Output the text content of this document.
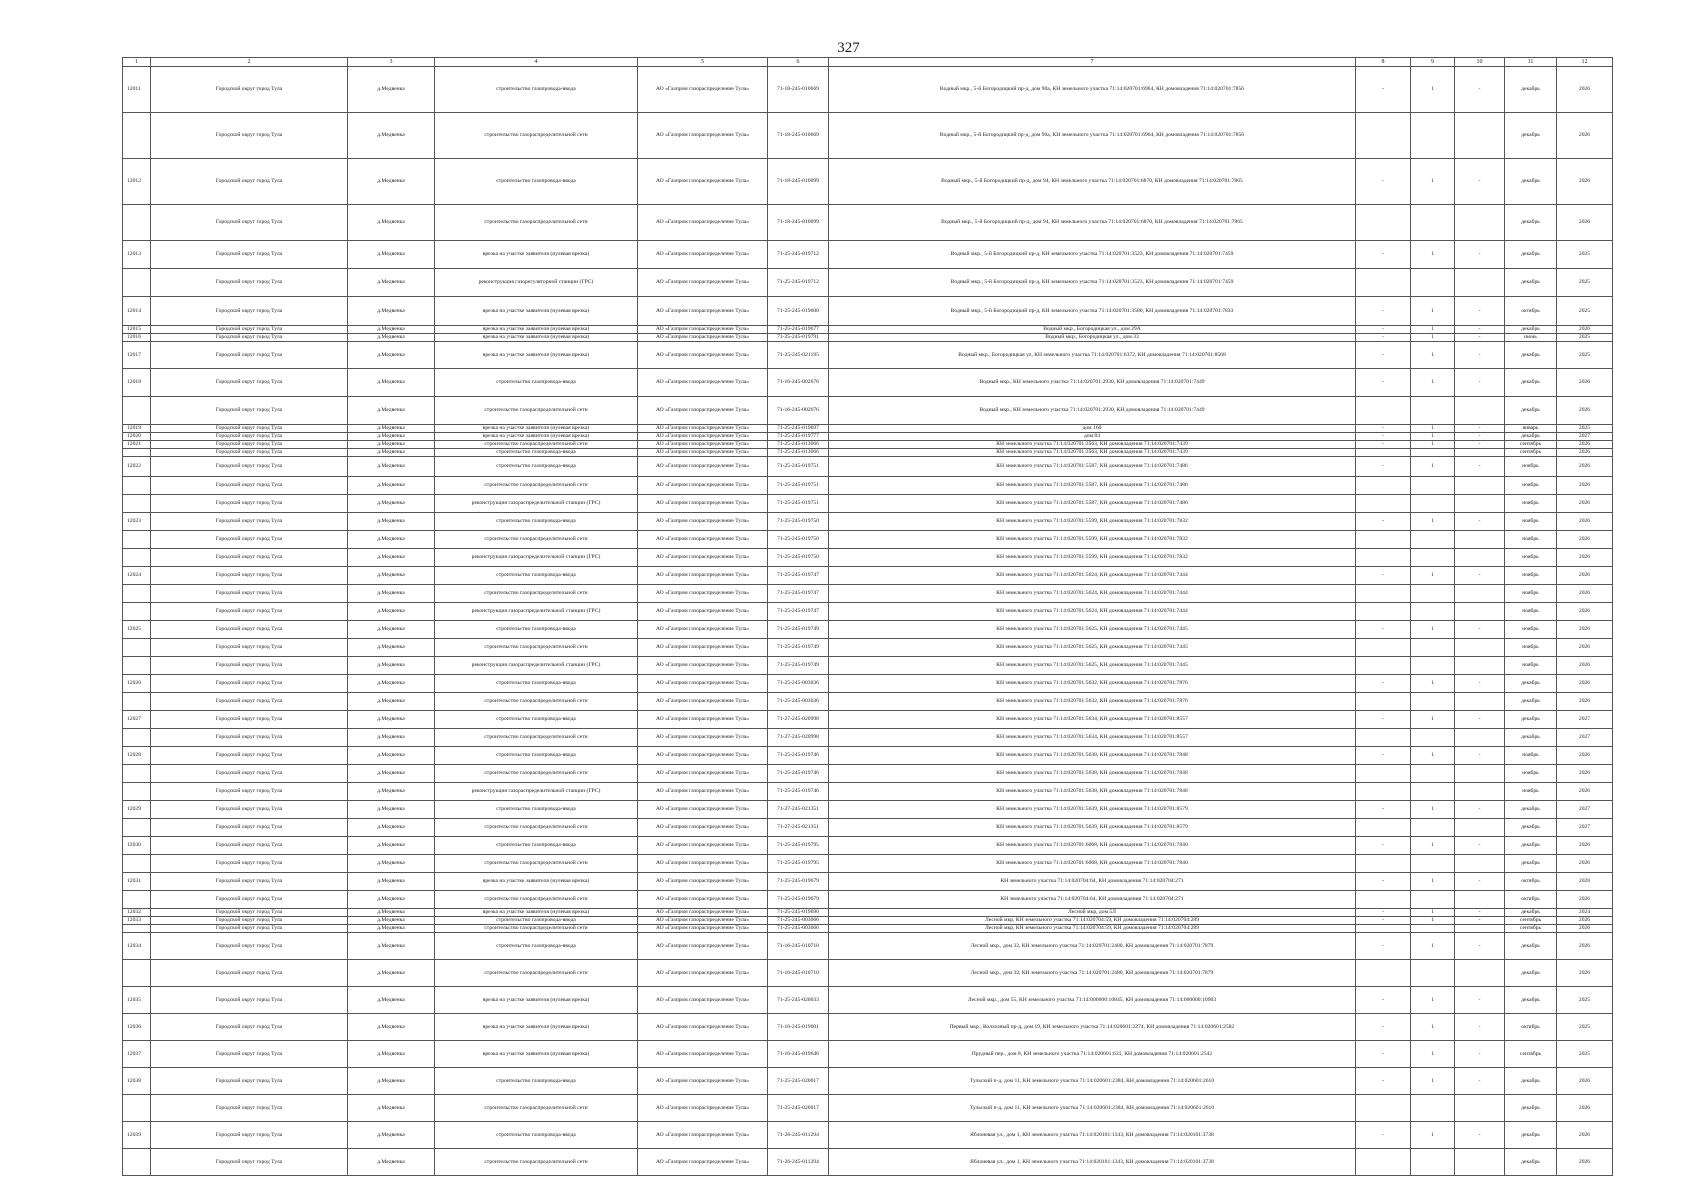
327
1	2	3	4	5	6	7	8	9	10	11	12
12011	Городской округ город Тула	д.Медвенка	строительство газопровода-ввода	АО «Газпром газораспределение Тула»	71-18-245-010669	Водный мкр., 5-й Богородицкий пр-д, дом 90а, КН земельного участка 71:14:020701:6964, КН домовладения 71:14:020701:7856	-	1	-	декабрь	2026
	Городской округ город Тула	д.Медвенка	строительство газораспределительной сети	АО «Газпром газораспределение Тула»	71-18-245-010669	Водный мкр., 5-й Богородицкий пр-д, дом 90а, КН земельного участка 71:14:020701:6964, КН домовладения 71:14:020701:7856				декабрь	2026
12012	Городской округ город Тула	д.Медвенка	строительство газопровода-ввода	АО «Газпром газораспределение Тула»	71-18-245-010099	Водный мкр., 5-й Богородицкий пр-д, дом 94, КН земельного участка 71:14:020701:6870, КН домовладения 71:14:020701:7865	-	1	-	декабрь	2026
	Городской округ город Тула	д.Медвенка	строительство газораспределительной сети	АО «Газпром газораспределение Тула»	71-18-245-010099	Водный мкр., 5-й Богородицкий пр-д, дом 94, КН земельного участка 71:14:020701:6870, КН домовладения 71:14:020701:7865				декабрь	2026
12013	Городской округ город Тула	д.Медвенка	врезка на участке заявителя (нулевая врезка)	АО «Газпром газораспределение Тула»	71-25-245-019712	Водный мкр., 5-й Богородицкий пр-д, КН земельного участка 71:14:020701:3523, КН домовладения 71:14:020701:7459	-	1	-	декабрь	2025
	Городской округ город Тула	д.Медвенка	реконструкция газорегуляторной станции (ГРС)	АО «Газпром газораспределение Тула»	71-25-245-019712	Водный мкр., 5-й Богородицкий пр-д, КН земельного участка 71:14:020701:3523, КН домовладения 71:14:020701:7459				декабрь	2025
12014	Городской округ город Тула	д.Медвенка	врезка на участке заявителя (нулевая врезка)	АО «Газпром газораспределение Тула»	71-25-245-019600	Водный мкр., 5-й Богородицкий пр-д, КН земельного участка 71:14:020701:3580, КН домовладения 71:14:020701:7833	-	1	-	октябрь	2025
12015	Городской округ город Тула	д.Медвенка	врезка на участке заявителя (нулевая врезка)	АО «Газпром газораспределение Тула»	71-25-245-019677	Водный мкр., Богородицкая ул., дом 29А	-	1	-	декабрь	2026
12016	Городской округ город Тула	д.Медвенка	врезка на участке заявителя (нулевая врезка)	АО «Газпром газораспределение Тула»	71-25-245-019791	Водный мкр., Богородицкая ул., дом 33	-	1	-	июнь	2025
12017	Городской округ город Тула	д.Медвенка	врезка на участке заявителя (нулевая врезка)	АО «Газпром газораспределение Тула»	71-25-245-021195	Водный мкр., Богородицкая ул, КН земельного участка 71:14:020701:6372, КН домовладения 71:14:020701:8568	-	1	-	декабрь	2025
12018	Городской округ город Тула	д.Медвенка	строительство газопровода-ввода	АО «Газпром газораспределение Тула»	71-16-245-002676	Водный мкр., КН земельного участка 71:14:020701:2930, КН домовладения 71:14:020701:7449	-	1	-	декабрь	2026
	Городской округ город Тула	д.Медвенка	строительство газораспределительной сети	АО «Газпром газораспределение Тула»	71-16-245-002676	Водный мкр., КН земельного участка 71:14:020701:2930, КН домовладения 71:14:020701:7449				декабрь	2026
12019	Городской округ город Тула	д.Медвенка	врезка на участке заявителя (нулевая врезка)	АО «Газпром газораспределение Тула»	71-25-245-019697	дом 160	-	1	-	январь	2025
12020	Городской округ город Тула	д.Медвенка	врезка на участке заявителя (нулевая врезка)	АО «Газпром газораспределение Тула»	71-25-245-019777	дом 84	-	1	-	декабрь	2027
12021	Городской округ город Тула	д.Медвенка	строительство газораспределительной сети	АО «Газпром газораспределение Тула»	71-25-245-013066	КН земельного участка 71:14:020701:3563, КН домовладения 71:14:020701:7439	-	1	-	сентябрь	2026
	Городской округ город Тула	д.Медвенка	строительство газопровода-ввода	АО «Газпром газораспределение Тула»	71-25-245-013066	КН земельного участка 71:14:020701:3563, КН домовладения 71:14:020701:7439				сентябрь	2026
12022	Городской округ город Тула	д.Медвенка	строительство газопровода-ввода	АО «Газпром газораспределение Тула»	71-25-245-019751	КН земельного участка 71:14:020701:5587, КН домовладения 71:14:020701:7486	-	1	-	ноябрь	2026
	Городской округ город Тула	д.Медвенка	строительство газораспределительной сети	АО «Газпром газораспределение Тула»	71-25-245-019751	КН земельного участка 71:14:020701:5587, КН домовладения 71:14:020701:7486				ноябрь	2026
	Городской округ город Тула	д.Медвенка	реконструкция газораспределительной станции (ГРС)	АО «Газпром газораспределение Тула»	71-25-245-019751	КН земельного участка 71:14:020701:5587, КН домовладения 71:14:020701:7486				ноябрь	2026
12023	Городской округ город Тула	д.Медвенка	строительство газопровода-ввода	АО «Газпром газораспределение Тула»	71-25-245-019750	КН земельного участка 71:14:020701:5599, КН домовладения 71:14:020701:7832	-	1	-	ноябрь	2026
	Городской округ город Тула	д.Медвенка	строительство газораспределительной сети	АО «Газпром газораспределение Тула»	71-25-245-019750	КН земельного участка 71:14:020701:5599, КН домовладения 71:14:020701:7832				ноябрь	2026
	Городской округ город Тула	д.Медвенка	реконструкция газораспределительной станции (ГРС)	АО «Газпром газораспределение Тула»	71-25-245-019750	КН земельного участка 71:14:020701:5599, КН домовладения 71:14:020701:7832				ноябрь	2026
12024	Городской округ город Тула	д.Медвенка	строительство газопровода-ввода	АО «Газпром газораспределение Тула»	71-25-245-019747	КН земельного участка 71:14:020701:5624, КН домовладения 71:14:020701:7444	-	1	-	ноябрь	2026
	Городской округ город Тула	д.Медвенка	строительство газораспределительной сети	АО «Газпром газораспределение Тула»	71-25-245-019747	КН земельного участка 71:14:020701:5624, КН домовладения 71:14:020701:7444				ноябрь	2026
	Городской округ город Тула	д.Медвенка	реконструкция газораспределительной станции (ГРС)	АО «Газпром газораспределение Тула»	71-25-245-019747	КН земельного участка 71:14:020701:5624, КН домовладения 71:14:020701:7444				ноябрь	2026
12025	Городской округ город Тула	д.Медвенка	строительство газопровода-ввода	АО «Газпром газораспределение Тула»	71-25-245-019749	КН земельного участка 71:14:020701:5625, КН домовладения 71:14:020701:7445	-	1	-	ноябрь	2026
	Городской округ город Тула	д.Медвенка	строительство газораспределительной сети	АО «Газпром газораспределение Тула»	71-25-245-019749	КН земельного участка 71:14:020701:5625, КН домовладения 71:14:020701:7445				ноябрь	2026
	Городской округ город Тула	д.Медвенка	реконструкция газораспределительной станции (ГРС)	АО «Газпром газораспределение Тула»	71-25-245-019749	КН земельного участка 71:14:020701:5625, КН домовладения 71:14:020701:7445				ноябрь	2026
12026	Городской округ город Тула	д.Медвенка	строительство газопровода-ввода	АО «Газпром газораспределение Тула»	71-25-245-003036	КН земельного участка 71:14:020701:5632, КН домовладения 71:14:020701:7876	-	1	-	декабрь	2026
	Городской округ город Тула	д.Медвенка	строительство газораспределительной сети	АО «Газпром газораспределение Тула»	71-25-245-003036	КН земельного участка 71:14:020701:5632, КН домовладения 71:14:020701:7876				декабрь	2026
12027	Городской округ город Тула	д.Медвенка	строительство газопровода-ввода	АО «Газпром газораспределение Тула»	71-27-245-020998	КН земельного участка 71:14:020701:5634, КН домовладения 71:14:020701:8557	-	1	-	декабрь	2027
	Городской округ город Тула	д.Медвенка	строительство газораспределительной сети	АО «Газпром газораспределение Тула»	71-27-245-020998	КН земельного участка 71:14:020701:5634, КН домовладения 71:14:020701:8557				декабрь	2027
12028	Городской округ город Тула	д.Медвенка	строительство газопровода-ввода	АО «Газпром газораспределение Тула»	71-25-245-019746	КН земельного участка 71:14:020701:5638, КН домовладения 71:14:020701:7848	-	1	-	ноябрь	2026
	Городской округ город Тула	д.Медвенка	строительство газораспределительной сети	АО «Газпром газораспределение Тула»	71-25-245-019746	КН земельного участка 71:14:020701:5638, КН домовладения 71:14:020701:7848				ноябрь	2026
	Городской округ город Тула	д.Медвенка	реконструкция газораспределительной станции (ГРС)	АО «Газпром газораспределение Тула»	71-25-245-019746	КН земельного участка 71:14:020701:5638, КН домовладения 71:14:020701:7848				ноябрь	2026
12029	Городской округ город Тула	д.Медвенка	строительство газопровода-ввода	АО «Газпром газораспределение Тула»	71-27-245-021351	КН земельного участка 71:14:020701:5639, КН домовладения 71:14:020701:8579	-	1	-	декабрь	2027
	Городской округ город Тула	д.Медвенка	строительство газораспределительной сети	АО «Газпром газораспределение Тула»	71-27-245-021351	КН земельного участка 71:14:020701:5639, КН домовладения 71:14:020701:8579				декабрь	2027
12030	Городской округ город Тула	д.Медвенка	строительство газопровода-ввода	АО «Газпром газораспределение Тула»	71-25-245-019795	КН земельного участка 71:14:020701:6068, КН домовладения 71:14:020701:7840	-	1	-	декабрь	2026
	Городской округ город Тула	д.Медвенка	строительство газораспределительной сети	АО «Газпром газораспределение Тула»	71-25-245-019795	КН земельного участка 71:14:020701:6068, КН домовладения 71:14:020701:7840				декабрь	2026
12031	Городской округ город Тула	д.Медвенка	врезка на участке заявителя (нулевая врезка)	АО «Газпром газораспределение Тула»	71-25-245-019679	КН земельного участка 71:14:020704:64, КН домовладения 71:14:020704:271	-	1	-	октябрь	2028
	Городской округ город Тула	д.Медвенка	строительство газораспределительной сети	АО «Газпром газораспределение Тула»	71-25-245-019679	КН земельного участка 71:14:020704:64, КН домовладения 71:14:020704:271				октябрь	2026
12032	Городской округ город Тула	д.Медвенка	врезка на участке заявителя (нулевая врезка)	АО «Газпром газораспределение Тула»	71-25-245-019690	Лесной мкр, дом 5Л	-	1	-	декабрь	2024
12033	Городской округ город Тула	д.Медвенка	строительство газопровода-ввода	АО «Газпром газораспределение Тула»	71-25-245-003066	Лесной мкр, КН земельного участка 71:14:020704:59, КН домовладения 71:14:020704:289	-	1	-	сентябрь	2026
	Городской округ город Тула	д.Медвенка	строительство газораспределительной сети	АО «Газпром газораспределение Тула»	71-25-245-003066	Лесной мкр, КН земельного участка 71:14:020704:59, КН домовладения 71:14:020704:289				сентябрь	2026
12034	Городской округ город Тула	д.Медвенка	строительство газопровода-ввода	АО «Газпром газораспределение Тула»	71-16-245-010710	Лесной мкр., дом 32, КН земельного участка 71:14:020701:2480, КН домовладения 71:14:020701:7879	-	1	-	декабрь	2026
	Городской округ город Тула	д.Медвенка	строительство газораспределительной сети	АО «Газпром газораспределение Тула»	71-16-245-010710	Лесной мкр., дом 32, КН земельного участка 71:14:020701:2480, КН домовладения 71:14:020701:7879				декабрь	2026
12035	Городской округ город Тула	д.Медвенка	врезка на участке заявителя (нулевая врезка)	АО «Газпром газораспределение Тула»	71-25-245-020033	Лесной мкр., дом 55, КН земельного участка 71:14:000000:10845, КН домовладения 71:14:000000:10903	-	1	-	декабрь	2025
12036	Городской округ город Тула	д.Медвенка	врезка на участке заявителя (нулевая врезка)	АО «Газпром газораспределение Тула»	71-16-245-019601	Первый мкр., Колхозный пр-д, дом 19, КН земельного участка 71:14:020601:2274, КН домовладения 71:14:020601:2582	-	1	-	октябрь	2025
12037	Городской округ город Тула	д.Медвенка	врезка на участке заявителя (нулевая врезка)	АО «Газпром газораспределение Тула»	71-16-245-019646	Прудный пер., дом 8, КН земельного участка 71:14:020601:631, КН домовладения 71:14:020601:2542	-	1	-	сентябрь	2025
12038	Городской округ город Тула	д.Медвенка	строительство газопровода-ввода	АО «Газпром газораспределение Тула»	71-25-245-020017	Тульский п-д, дом 11, КН земельного участка 71:14:020601:2384, КН домовладения 71:14:020601:2610	-	1	-	декабрь	2026
	Городской округ город Тула	д.Медвенка	строительство газораспределительной сети	АО «Газпром газораспределение Тула»	71-25-245-020017	Тульский п-д, дом 11, КН земельного участка 71:14:020601:2384, КН домовладения 71:14:020601:2610				декабрь	2026
12039	Городской округ город Тула	д.Медвенка	строительство газопровода-ввода	АО «Газпром газораспределение Тула»	71-26-245-011294	Яблоневая ул., дом 1, КН земельного участка 71:14:020101:1343, КН домовладения 71:14:020101:3738	-	1	-	декабрь	2026
	Городской округ город Тула	д.Медвенка	строительство газораспределительной сети	АО «Газпром газораспределение Тула»	71-26-245-011294	Яблоневая ул., дом 1, КН земельного участка 71:14:020101:1343, КН домовладения 71:14:020101:3738				декабрь	2026
